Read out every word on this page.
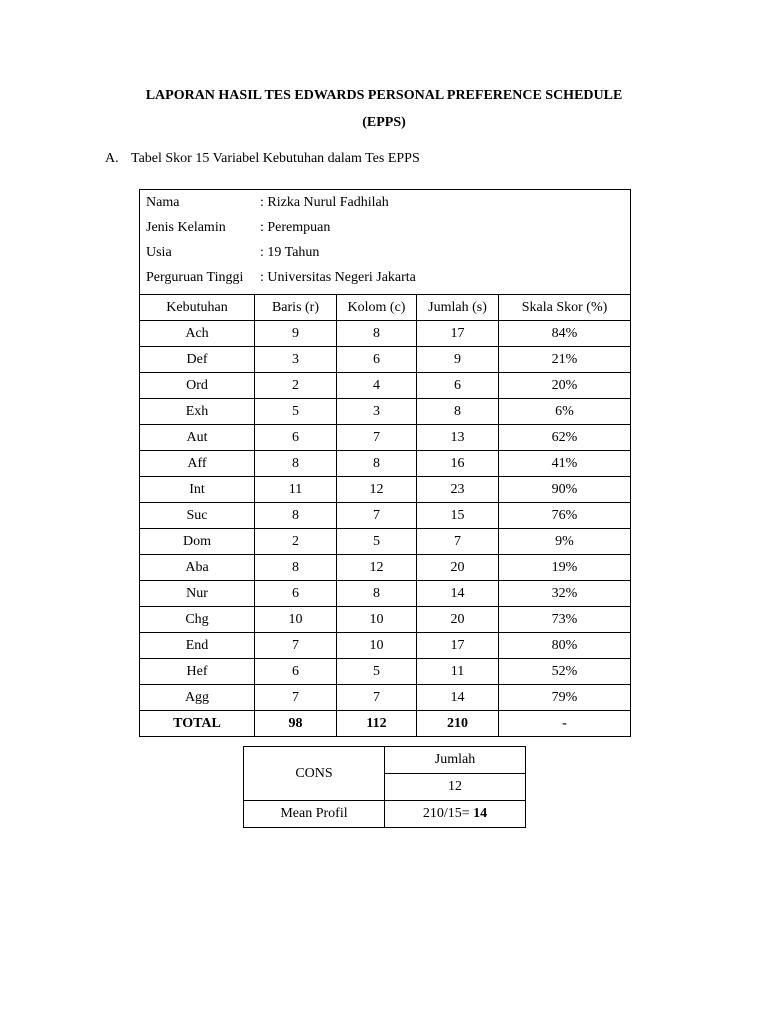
LAPORAN HASIL TES EDWARDS PERSONAL PREFERENCE SCHEDULE
(EPPS)
A. Tabel Skor 15 Variabel Kebutuhan dalam Tes EPPS
Nama : Rizka Nurul Fadhilah
Jenis Kelamin : Perempuan
Usia : 19 Tahun
Perguruan Tinggi : Universitas Negeri Jakarta				

Kebutuhan	Baris (r)	Kolom (c)	Jumlah (s)	Skala Skor (%)
Ach	9	8	17	84%
Def	3	6	9	21%
Ord	2	4	6	20%
Exh	5	3	8	6%
Aut	6	7	13	62%
Aff	8	8	16	41%
Int	11	12	23	90%
Suc	8	7	15	76%
Dom	2	5	7	9%
Aba	8	12	20	19%
Nur	6	8	14	32%
Chg	10	10	20	73%
End	7	10	17	80%
Hef	6	5	11	52%
Agg	7	7	14	79%
TOTAL	98	112	210	-
CONS	Jumlah
	12
Mean Profil	210/15= 14
